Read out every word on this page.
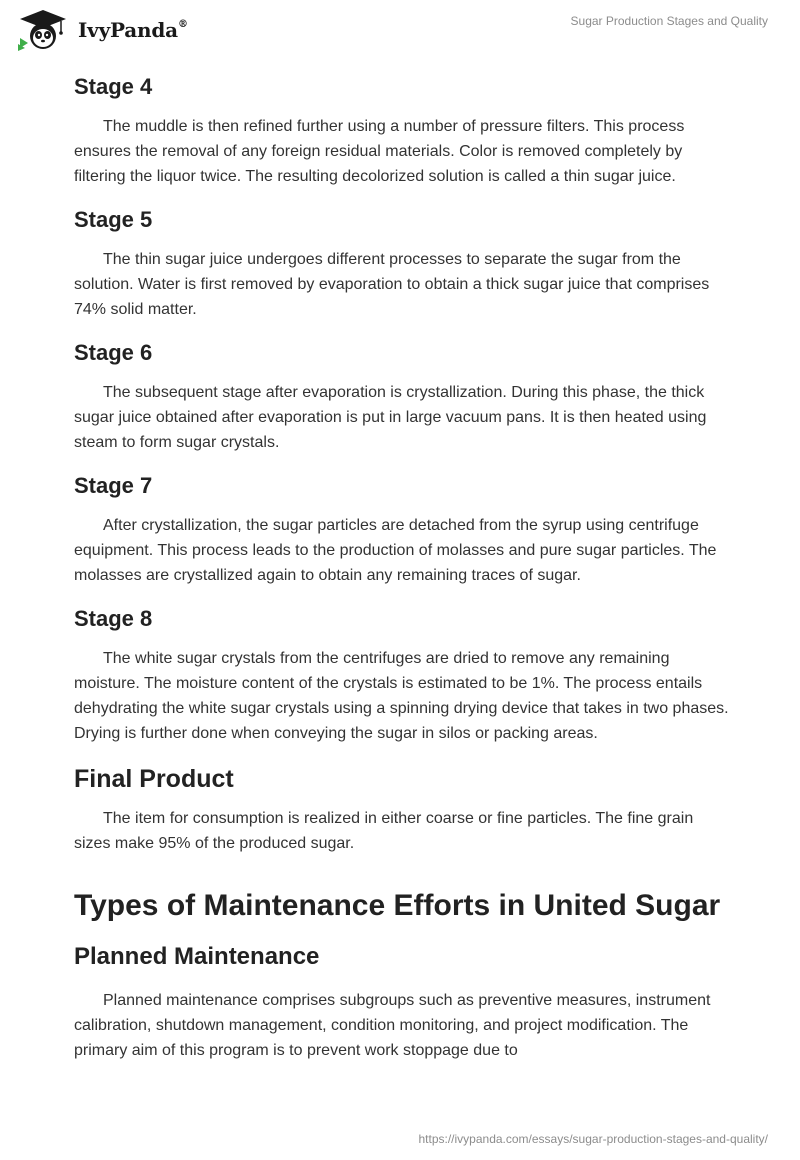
IvyPanda®	Sugar Production Stages and Quality
Stage 4

The muddle is then refined further using a number of pressure filters. This process ensures the removal of any foreign residual materials. Color is removed completely by filtering the liquor twice. The resulting decolorized solution is called a thin sugar juice.

Stage 5

The thin sugar juice undergoes different processes to separate the sugar from the solution. Water is first removed by evaporation to obtain a thick sugar juice that comprises 74% solid matter.

Stage 6

The subsequent stage after evaporation is crystallization. During this phase, the thick sugar juice obtained after evaporation is put in large vacuum pans. It is then heated using steam to form sugar crystals.

Stage 7

After crystallization, the sugar particles are detached from the syrup using centrifuge equipment. This process leads to the production of molasses and pure sugar particles. The molasses are crystallized again to obtain any remaining traces of sugar.

Stage 8

The white sugar crystals from the centrifuges are dried to remove any remaining moisture. The moisture content of the crystals is estimated to be 1%. The process entails dehydrating the white sugar crystals using a spinning drying device that takes in two phases. Drying is further done when conveying the sugar in silos or packing areas.

Final Product

The item for consumption is realized in either coarse or fine particles. The fine grain sizes make 95% of the produced sugar.

Types of Maintenance Efforts in United Sugar
Planned Maintenance

Planned maintenance comprises subgroups such as preventive measures, instrument calibration, shutdown management, condition monitoring, and project modification. The primary aim of this program is to prevent work stoppage due to

https://ivypanda.com/essays/sugar-production-stages-and-quality/
